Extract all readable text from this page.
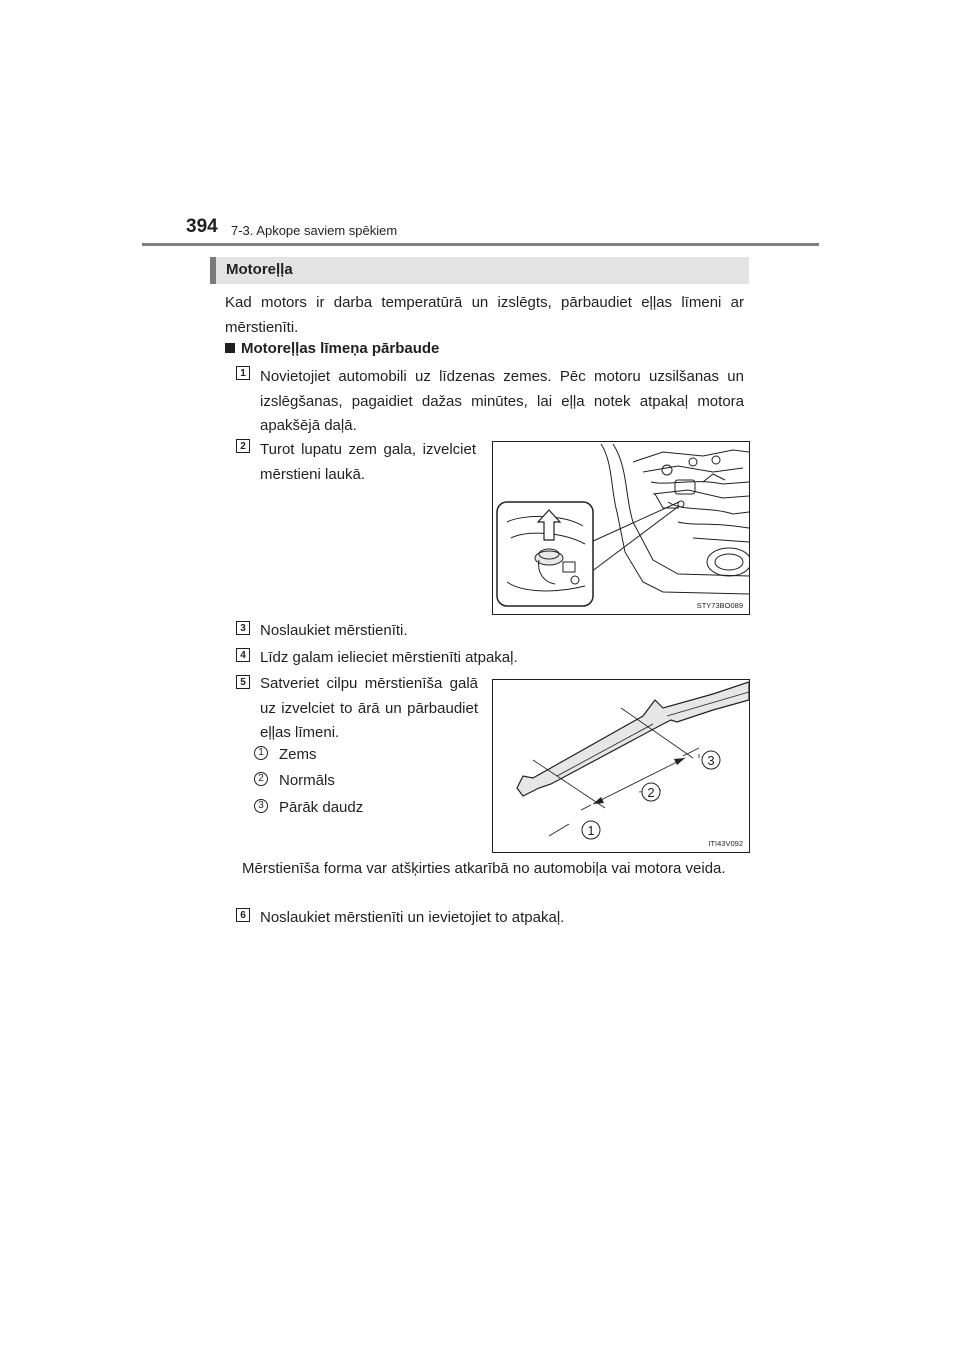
394 7-3. Apkope saviem spēkiem
Motoreļļa
Kad motors ir darba temperatūrā un izslēgts, pārbaudiet eļļas līmeni ar mērstienīti.
Motoreļļas līmeņa pārbaude
1 Novietojiet automobili uz līdzenas zemes. Pēc motoru uzsilšanas un izslēgšanas, pagaidiet dažas minūtes, lai eļļa notek atpakaļ motora apakšējā daļā.
2 Turot lupatu zem gala, izvelciet mērstieni laukā.
STY73BO089
3 Noslaukiet mērstienīti.
4 Līdz galam ielieciet mērstienīti atpakaļ.
5 Satveriet cilpu mērstienīša galā uz izvelciet to ārā un pārbaudiet eļļas līmeni.
1 Zems
2 Normāls
3 Pārāk daudz
1
2
3
ITI43V092
Mērstienīša forma var atšķirties atkarībā no automobiļa vai motora veida.
6 Noslaukiet mērstienīti un ievietojiet to atpakaļ.
